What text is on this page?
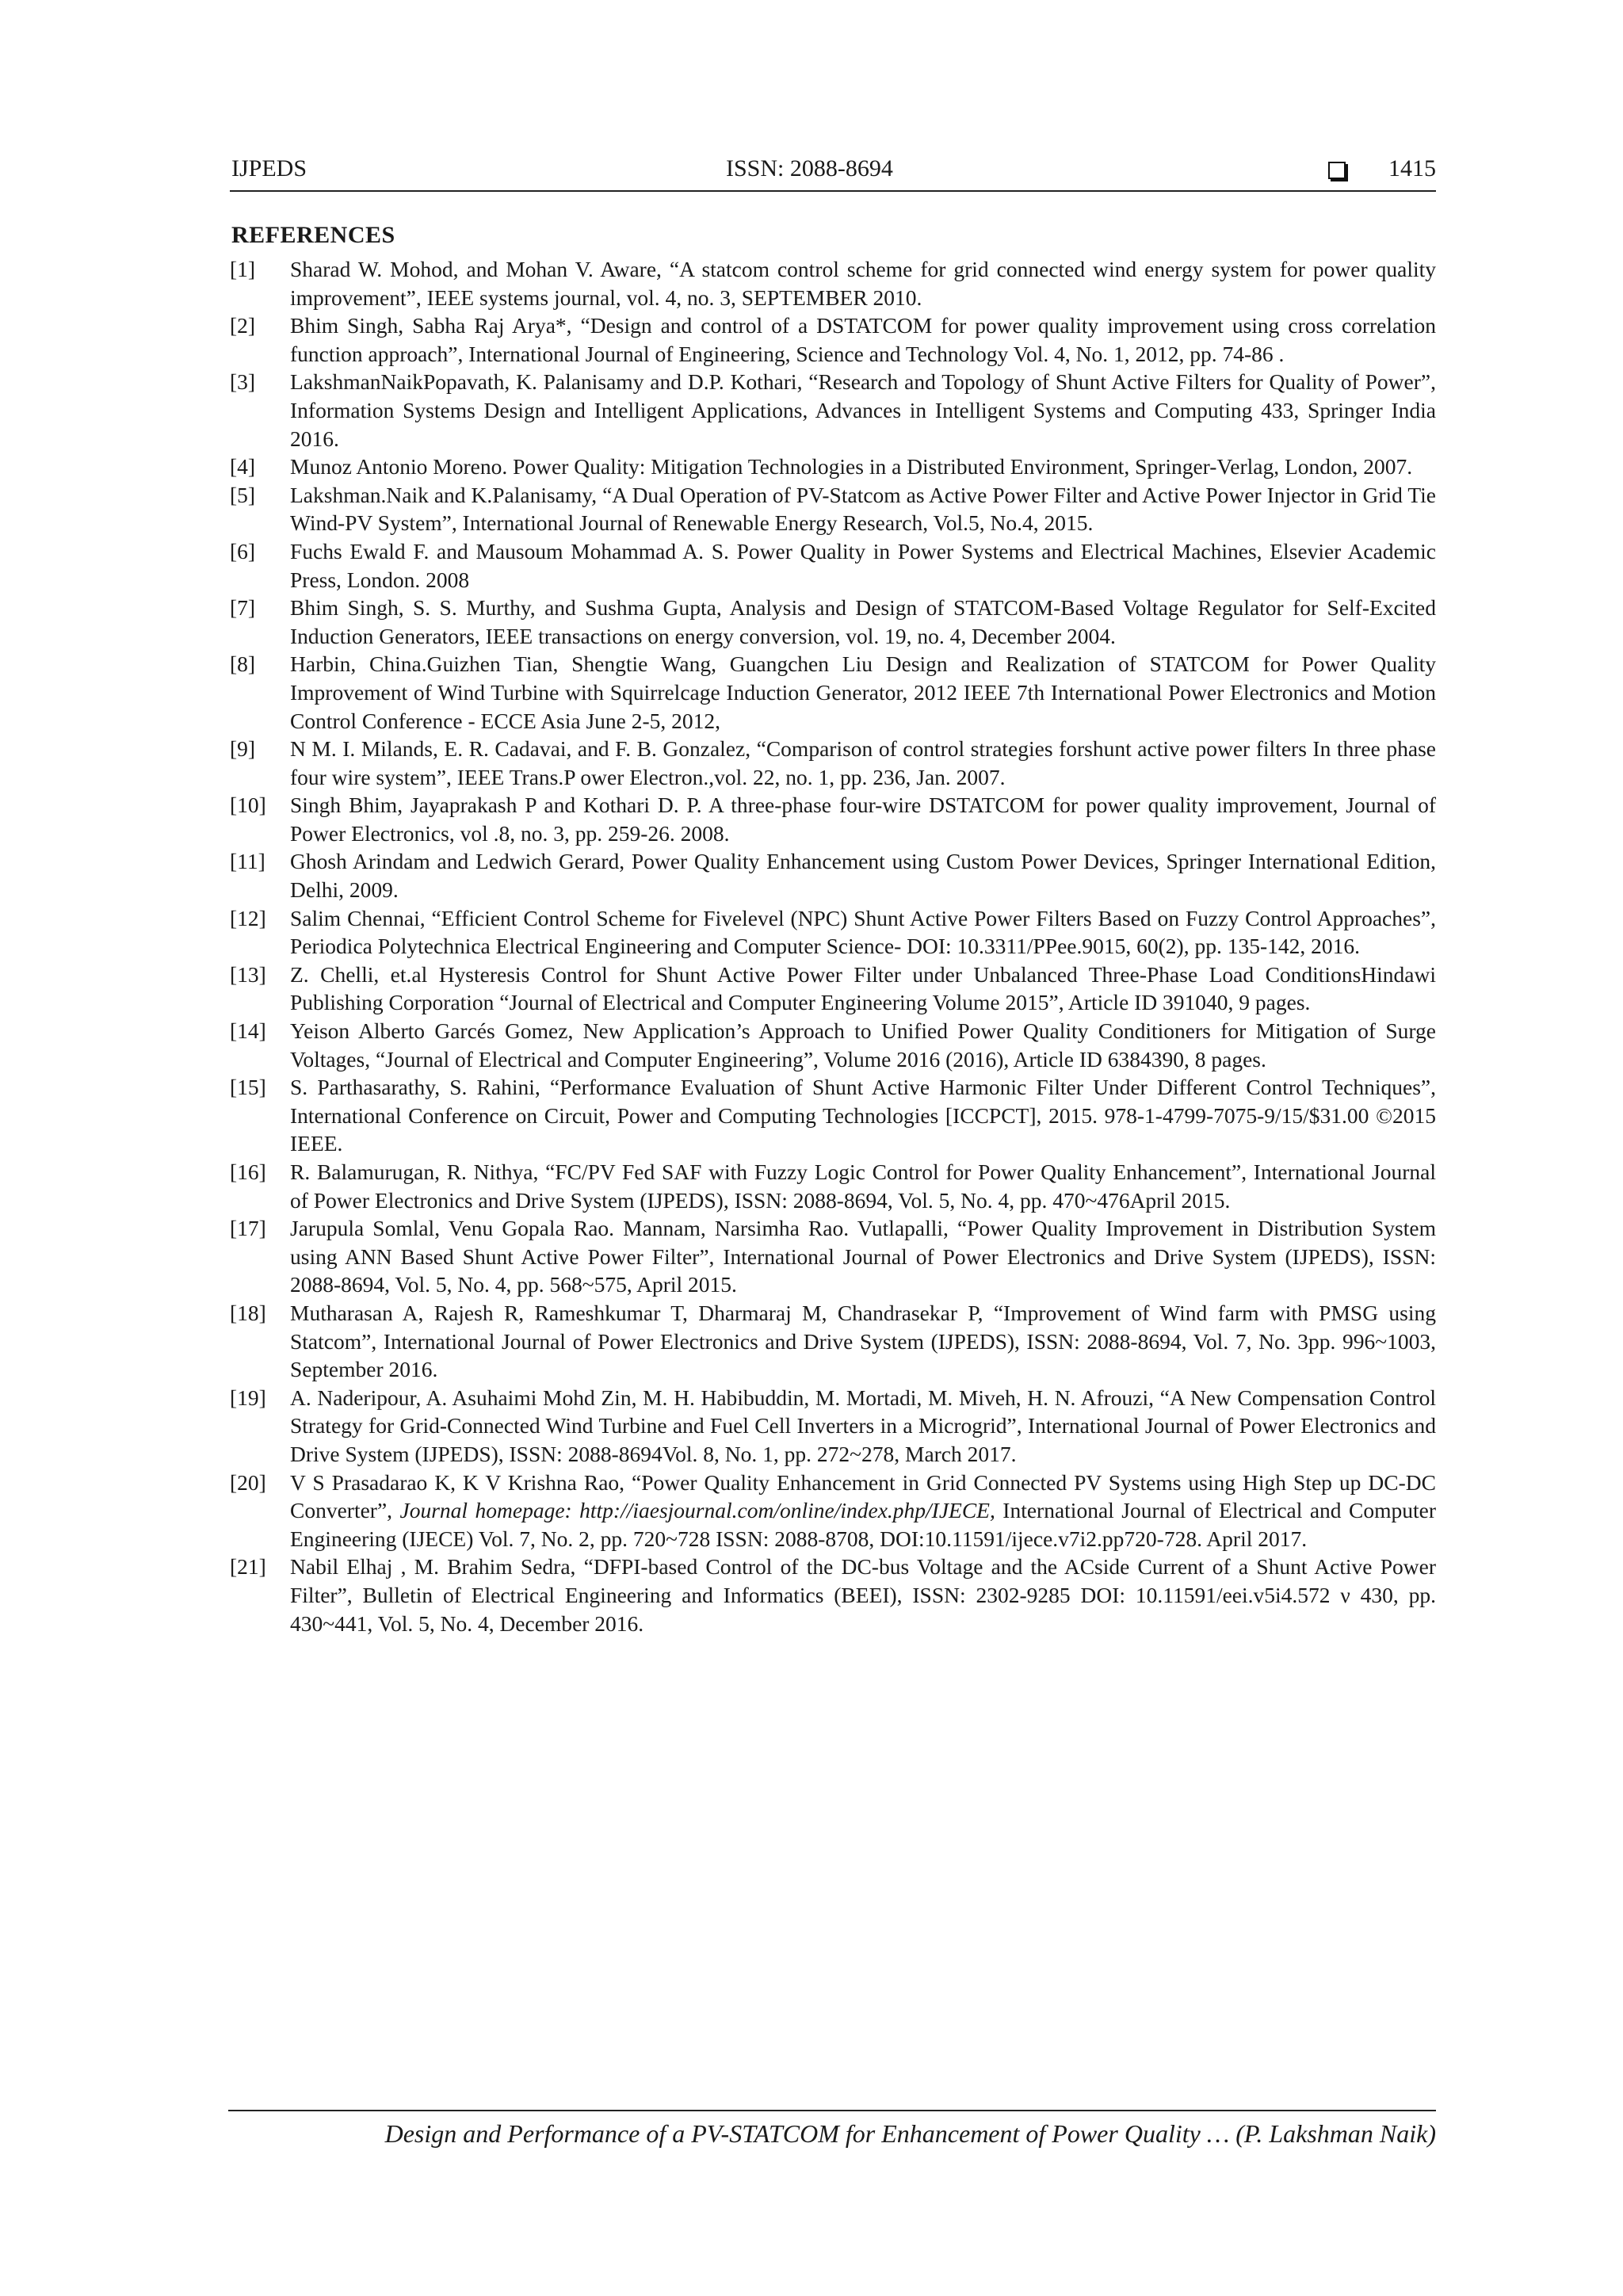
IJPEDS	ISSN: 2088-8694	1415
REFERENCES
[1]	Sharad W. Mohod, and Mohan V. Aware, “A statcom control scheme for grid connected wind energy system for power quality improvement”, IEEE systems journal, vol. 4, no. 3, SEPTEMBER 2010.
[2]	Bhim Singh, Sabha Raj Arya*, “Design and control of a DSTATCOM for power quality improvement using cross correlation function approach”, International Journal of Engineering, Science and Technology Vol. 4, No. 1, 2012, pp. 74-86 .
[3]	LakshmanNaikPopavath, K. Palanisamy and D.P. Kothari, “Research and Topology of Shunt Active Filters for Quality of Power”, Information Systems Design and Intelligent Applications, Advances in Intelligent Systems and Computing 433, Springer India 2016.
[4]	Munoz Antonio Moreno. Power Quality: Mitigation Technologies in a Distributed Environment, Springer-Verlag, London, 2007.
[5]	Lakshman.Naik and K.Palanisamy, “A Dual Operation of PV-Statcom as Active Power Filter and Active Power Injector in Grid Tie Wind-PV System”, International Journal of Renewable Energy Research, Vol.5, No.4, 2015.
[6]	Fuchs Ewald F. and Mausoum Mohammad A. S. Power Quality in Power Systems and Electrical Machines, Elsevier Academic Press, London. 2008
[7]	Bhim Singh, S. S. Murthy, and Sushma Gupta, Analysis and Design of STATCOM-Based Voltage Regulator for Self-Excited Induction Generators, IEEE transactions on energy conversion, vol. 19, no. 4, December 2004.
[8]	Harbin, China.Guizhen Tian, Shengtie Wang, Guangchen Liu Design and Realization of STATCOM for Power Quality Improvement of Wind Turbine with Squirrelcage Induction Generator, 2012 IEEE 7th International Power Electronics and Motion Control Conference - ECCE Asia June 2-5, 2012,
[9]	N M. I. Milands, E. R. Cadavai, and F. B. Gonzalez, “Comparison of control strategies forshunt active power filters In three phase four wire system”, IEEE Trans.P ower Electron.,vol. 22, no. 1, pp. 236, Jan. 2007.
[10]	Singh Bhim, Jayaprakash P and Kothari D. P. A three-phase four-wire DSTATCOM for power quality improvement, Journal of Power Electronics, vol .8, no. 3, pp. 259-26. 2008.
[11]	Ghosh Arindam and Ledwich Gerard, Power Quality Enhancement using Custom Power Devices, Springer International Edition, Delhi, 2009.
[12]	Salim Chennai, “Efficient Control Scheme for Fivelevel (NPC) Shunt Active Power Filters Based on Fuzzy Control Approaches”, Periodica Polytechnica Electrical Engineering and Computer Science- DOI: 10.3311/PPee.9015, 60(2), pp. 135-142, 2016.
[13]	Z. Chelli, et.al Hysteresis Control for Shunt Active Power Filter under Unbalanced Three-Phase Load ConditionsHindawi Publishing Corporation “Journal of Electrical and Computer Engineering Volume 2015”, Article ID 391040, 9 pages.
[14]	Yeison Alberto Garcés Gomez, New Application’s Approach to Unified Power Quality Conditioners for Mitigation of Surge Voltages, “Journal of Electrical and Computer Engineering”, Volume 2016 (2016), Article ID 6384390, 8 pages.
[15]	S. Parthasarathy, S. Rahini, “Performance Evaluation of Shunt Active Harmonic Filter Under Different Control Techniques”, International Conference on Circuit, Power and Computing Technologies [ICCPCT], 2015. 978-1-4799-7075-9/15/$31.00 ©2015 IEEE.
[16]	R. Balamurugan, R. Nithya, “FC/PV Fed SAF with Fuzzy Logic Control for Power Quality Enhancement”, International Journal of Power Electronics and Drive System (IJPEDS), ISSN: 2088-8694, Vol. 5, No. 4, pp. 470~476April 2015.
[17]	Jarupula Somlal, Venu Gopala Rao. Mannam, Narsimha Rao. Vutlapalli, “Power Quality Improvement in Distribution System using ANN Based Shunt Active Power Filter”, International Journal of Power Electronics and Drive System (IJPEDS), ISSN: 2088-8694, Vol. 5, No. 4, pp. 568~575, April 2015.
[18]	Mutharasan A, Rajesh R, Rameshkumar T, Dharmaraj M, Chandrasekar P, “Improvement of Wind farm with PMSG using Statcom”, International Journal of Power Electronics and Drive System (IJPEDS), ISSN: 2088-8694, Vol. 7, No. 3pp. 996~1003, September 2016.
[19]	A. Naderipour, A. Asuhaimi Mohd Zin, M. H. Habibuddin, M. Mortadi, M. Miveh, H. N. Afrouzi, “A New Compensation Control Strategy for Grid-Connected Wind Turbine and Fuel Cell Inverters in a Microgrid”, International Journal of Power Electronics and Drive System (IJPEDS), ISSN: 2088-8694Vol. 8, No. 1, pp. 272~278, March 2017.
[20]	V S Prasadarao K, K V Krishna Rao, “Power Quality Enhancement in Grid Connected PV Systems using High Step up DC-DC Converter”, Journal homepage: http://iaesjournal.com/online/index.php/IJECE, International Journal of Electrical and Computer Engineering (IJECE) Vol. 7, No. 2, pp. 720~728 ISSN: 2088-8708, DOI:10.11591/ijece.v7i2.pp720-728. April 2017.
[21]	Nabil Elhaj , M. Brahim Sedra, “DFPI-based Control of the DC-bus Voltage and the ACside Current of a Shunt Active Power Filter”, Bulletin of Electrical Engineering and Informatics (BEEI), ISSN: 2302-9285 DOI: 10.11591/eei.v5i4.572 ν 430, pp. 430~441, Vol. 5, No. 4, December 2016.
Design and Performance of a PV-STATCOM for Enhancement of Power Quality … (P. Lakshman Naik)
